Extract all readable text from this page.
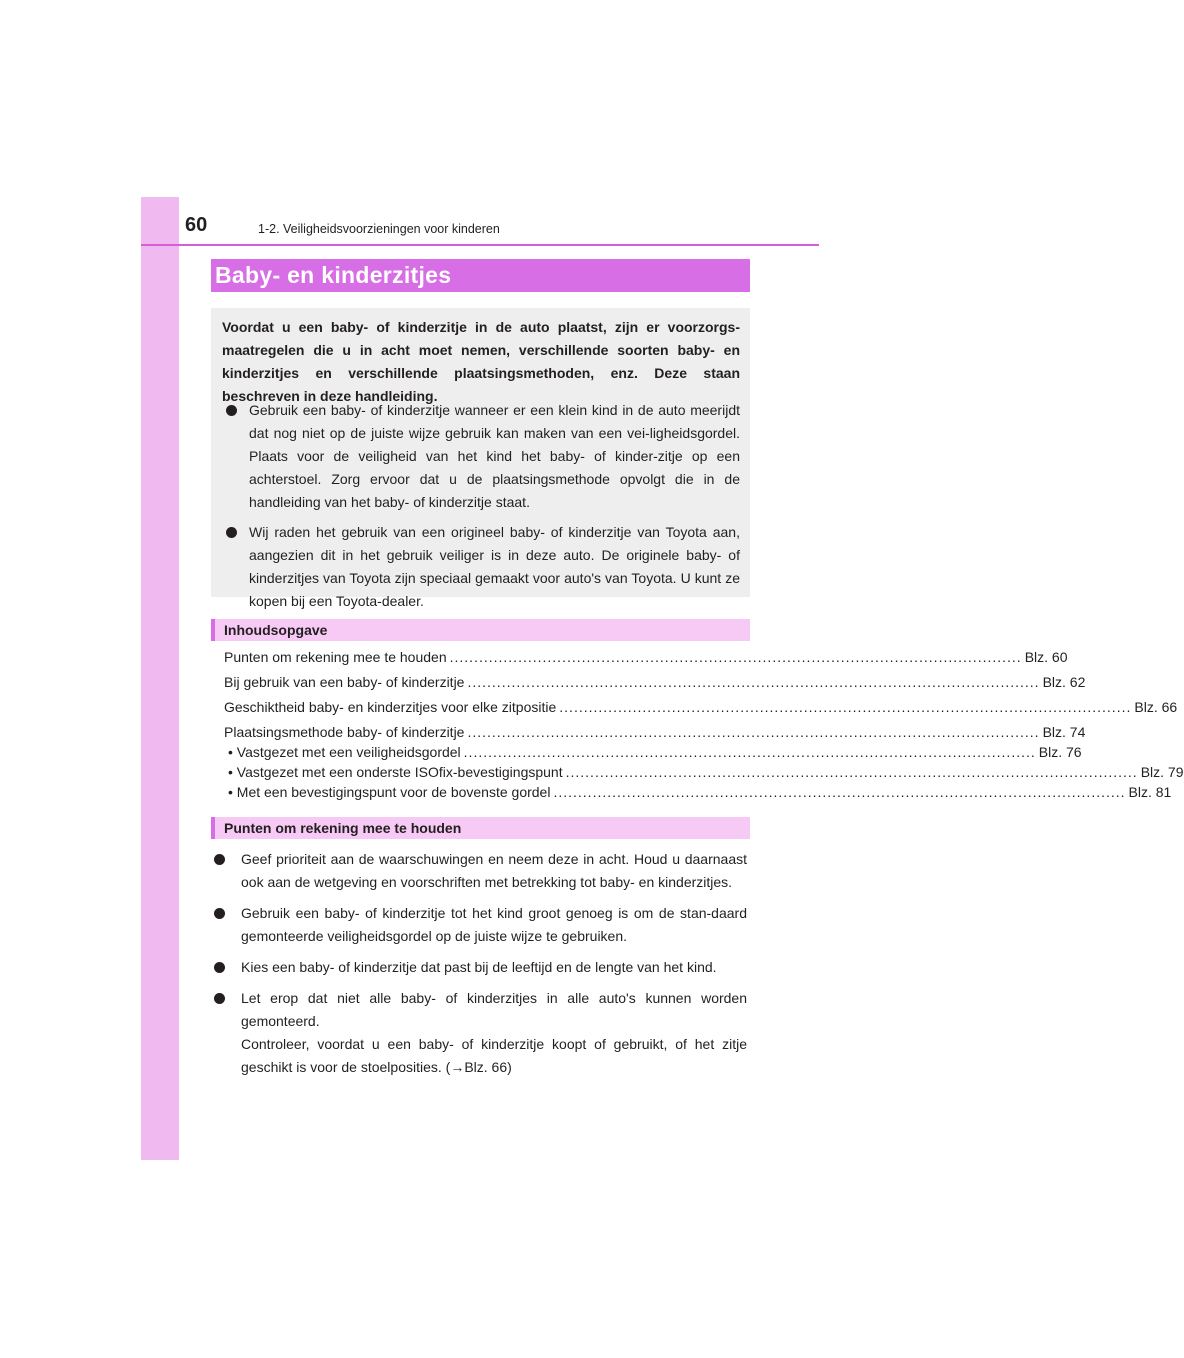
60	1-2. Veiligheidsvoorzieningen voor kinderen
Baby- en kinderzitjes
Voordat u een baby- of kinderzitje in de auto plaatst, zijn er voorzorgs-maatregelen die u in acht moet nemen, verschillende soorten baby- en kinderzitjes en verschillende plaatsingsmethoden, enz. Deze staan beschreven in deze handleiding.
Gebruik een baby- of kinderzitje wanneer er een klein kind in de auto meerijdt dat nog niet op de juiste wijze gebruik kan maken van een vei-ligheidsgordel. Plaats voor de veiligheid van het kind het baby- of kinder-zitje op een achterstoel. Zorg ervoor dat u de plaatsingsmethode opvolgt die in de handleiding van het baby- of kinderzitje staat.
Wij raden het gebruik van een origineel baby- of kinderzitje van Toyota aan, aangezien dit in het gebruik veiliger is in deze auto. De originele baby- of kinderzitjes van Toyota zijn speciaal gemaakt voor auto's van Toyota. U kunt ze kopen bij een Toyota-dealer.
Inhoudsopgave
Punten om rekening mee te houden ..................................................................................................................... Blz. 60
Bij gebruik van een baby- of kinderzitje ..................................................................................................................... Blz. 62
Geschiktheid baby- en kinderzitjes voor elke zitpositie ..................................................................................................................... Blz. 66
Plaatsingsmethode baby- of kinderzitje ..................................................................................................................... Blz. 74
• Vastgezet met een veiligheidsgordel ..................................................................................................................... Blz. 76
• Vastgezet met een onderste ISOfix-bevestigingspunt ..................................................................................................................... Blz. 79
• Met een bevestigingspunt voor de bovenste gordel ..................................................................................................................... Blz. 81
Punten om rekening mee te houden
Geef prioriteit aan de waarschuwingen en neem deze in acht. Houd u daarnaast ook aan de wetgeving en voorschriften met betrekking tot baby- en kinderzitjes.
Gebruik een baby- of kinderzitje tot het kind groot genoeg is om de stan-daard gemonteerde veiligheidsgordel op de juiste wijze te gebruiken.
Kies een baby- of kinderzitje dat past bij de leeftijd en de lengte van het kind.
Let erop dat niet alle baby- of kinderzitjes in alle auto's kunnen worden gemonteerd.
Controleer, voordat u een baby- of kinderzitje koopt of gebruikt, of het zitje geschikt is voor de stoelposities. (→Blz. 66)
